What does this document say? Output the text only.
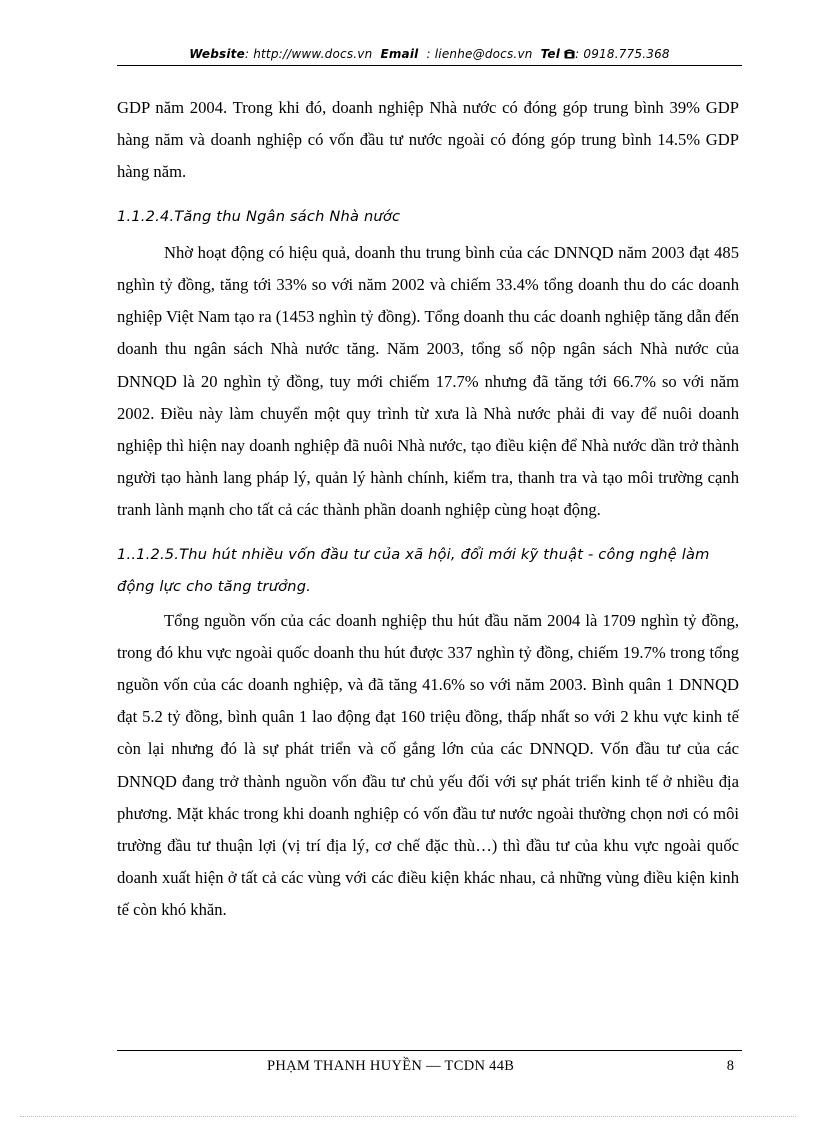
Website: http://www.docs.vn Email : lienhe@docs.vn Tel : 0918.775.368

GDP năm 2004. Trong khi đó, doanh nghiệp Nhà nước có đóng góp trung bình 39% GDP hàng năm và doanh nghiệp có vốn đầu tư nước ngoài có đóng góp trung bình 14.5% GDP hàng năm.

1.1.2.4.Tăng thu Ngân sách Nhà nước

Nhờ hoạt động có hiệu quả, doanh thu trung bình của các DNNQD năm 2003 đạt 485 nghìn tỷ đồng, tăng tới 33% so với năm 2002 và chiếm 33.4% tổng doanh thu do các doanh nghiệp Việt Nam tạo ra (1453 nghìn tỷ đồng). Tổng doanh thu các doanh nghiệp tăng dẫn đến doanh thu ngân sách Nhà nước tăng. Năm 2003, tổng số nộp ngân sách Nhà nước của DNNQD là 20 nghìn tỷ đồng, tuy mới chiếm 17.7% nhưng đã tăng tới 66.7% so với năm 2002. Điều này làm chuyển một quy trình từ xưa là Nhà nước phải đi vay để nuôi doanh nghiệp thì hiện nay doanh nghiệp đã nuôi Nhà nước, tạo điều kiện để Nhà nước dần trở thành người tạo hành lang pháp lý, quản lý hành chính, kiểm tra, thanh tra và tạo môi trường cạnh tranh lành mạnh cho tất cả các thành phần doanh nghiệp cùng hoạt động.

1..1.2.5.Thu hút nhiều vốn đầu tư của xã hội, đổi mới kỹ thuật - công nghệ làm động lực cho tăng trưởng.

Tổng nguồn vốn của các doanh nghiệp thu hút đầu năm 2004 là 1709 nghìn tỷ đồng, trong đó khu vực ngoài quốc doanh thu hút được 337 nghìn tỷ đồng, chiếm 19.7% trong tổng nguồn vốn của các doanh nghiệp, và đã tăng 41.6% so với năm 2003. Bình quân 1 DNNQD đạt 5.2 tỷ đồng, bình quân 1 lao động đạt 160 triệu đồng, thấp nhất so với 2 khu vực kinh tế còn lại nhưng đó là sự phát triển và cố gắng lớn của các DNNQD. Vốn đầu tư của các DNNQD đang trở thành nguồn vốn đầu tư chủ yếu đối với sự phát triển kinh tế ở nhiều địa phương. Mặt khác trong khi doanh nghiệp có vốn đầu tư nước ngoài thường chọn nơi có môi trường đầu tư thuận lợi (vị trí địa lý, cơ chế đặc thù…) thì đầu tư của khu vực ngoài quốc doanh xuất hiện ở tất cả các vùng với các điều kiện khác nhau, cả những vùng điều kiện kinh tế còn khó khăn.

PHẠM THANH HUYỀN — TCDN 44B	8
